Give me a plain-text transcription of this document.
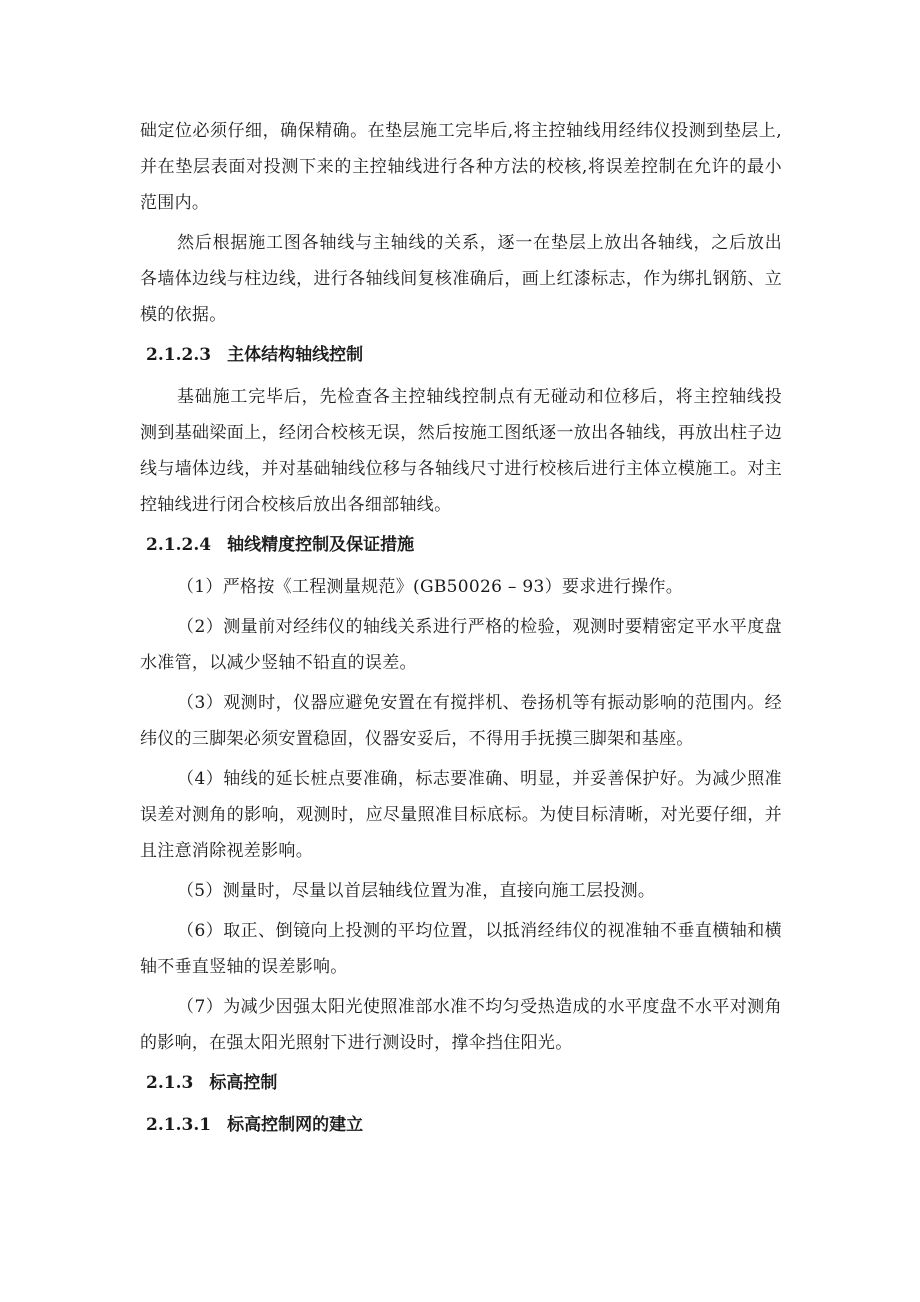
础定位必须仔细，确保精确。在垫层施工完毕后,将主控轴线用经纬仪投测到垫层上,并在垫层表面对投测下来的主控轴线进行各种方法的校核,将误差控制在允许的最小范围内。

然后根据施工图各轴线与主轴线的关系，逐一在垫层上放出各轴线，之后放出各墙体边线与柱边线，进行各轴线间复核准确后，画上红漆标志，作为绑扎钢筋、立模的依据。

2.1.2.3 主体结构轴线控制

基础施工完毕后，先检查各主控轴线控制点有无碰动和位移后，将主控轴线投测到基础梁面上，经闭合校核无误，然后按施工图纸逐一放出各轴线，再放出柱子边线与墙体边线，并对基础轴线位移与各轴线尺寸进行校核后进行主体立模施工。对主控轴线进行闭合校核后放出各细部轴线。

2.1.2.4 轴线精度控制及保证措施

（1）严格按《工程测量规范》(GB50026 – 93）要求进行操作。

（2）测量前对经纬仪的轴线关系进行严格的检验，观测时要精密定平水平度盘水准管，以减少竖轴不铅直的误差。

（3）观测时，仪器应避免安置在有搅拌机、卷扬机等有振动影响的范围内。经纬仪的三脚架必须安置稳固，仪器安妥后，不得用手抚摸三脚架和基座。

（4）轴线的延长桩点要准确，标志要准确、明显，并妥善保护好。为减少照准误差对测角的影响，观测时，应尽量照准目标底标。为使目标清晰，对光要仔细，并且注意消除视差影响。

（5）测量时，尽量以首层轴线位置为准，直接向施工层投测。

（6）取正、倒镜向上投测的平均位置，以抵消经纬仪的视准轴不垂直横轴和横轴不垂直竖轴的误差影响。

（7）为减少因强太阳光使照准部水准不均匀受热造成的水平度盘不水平对测角的影响，在强太阳光照射下进行测设时，撑伞挡住阳光。

2.1.3 标高控制
2.1.3.1 标高控制网的建立
